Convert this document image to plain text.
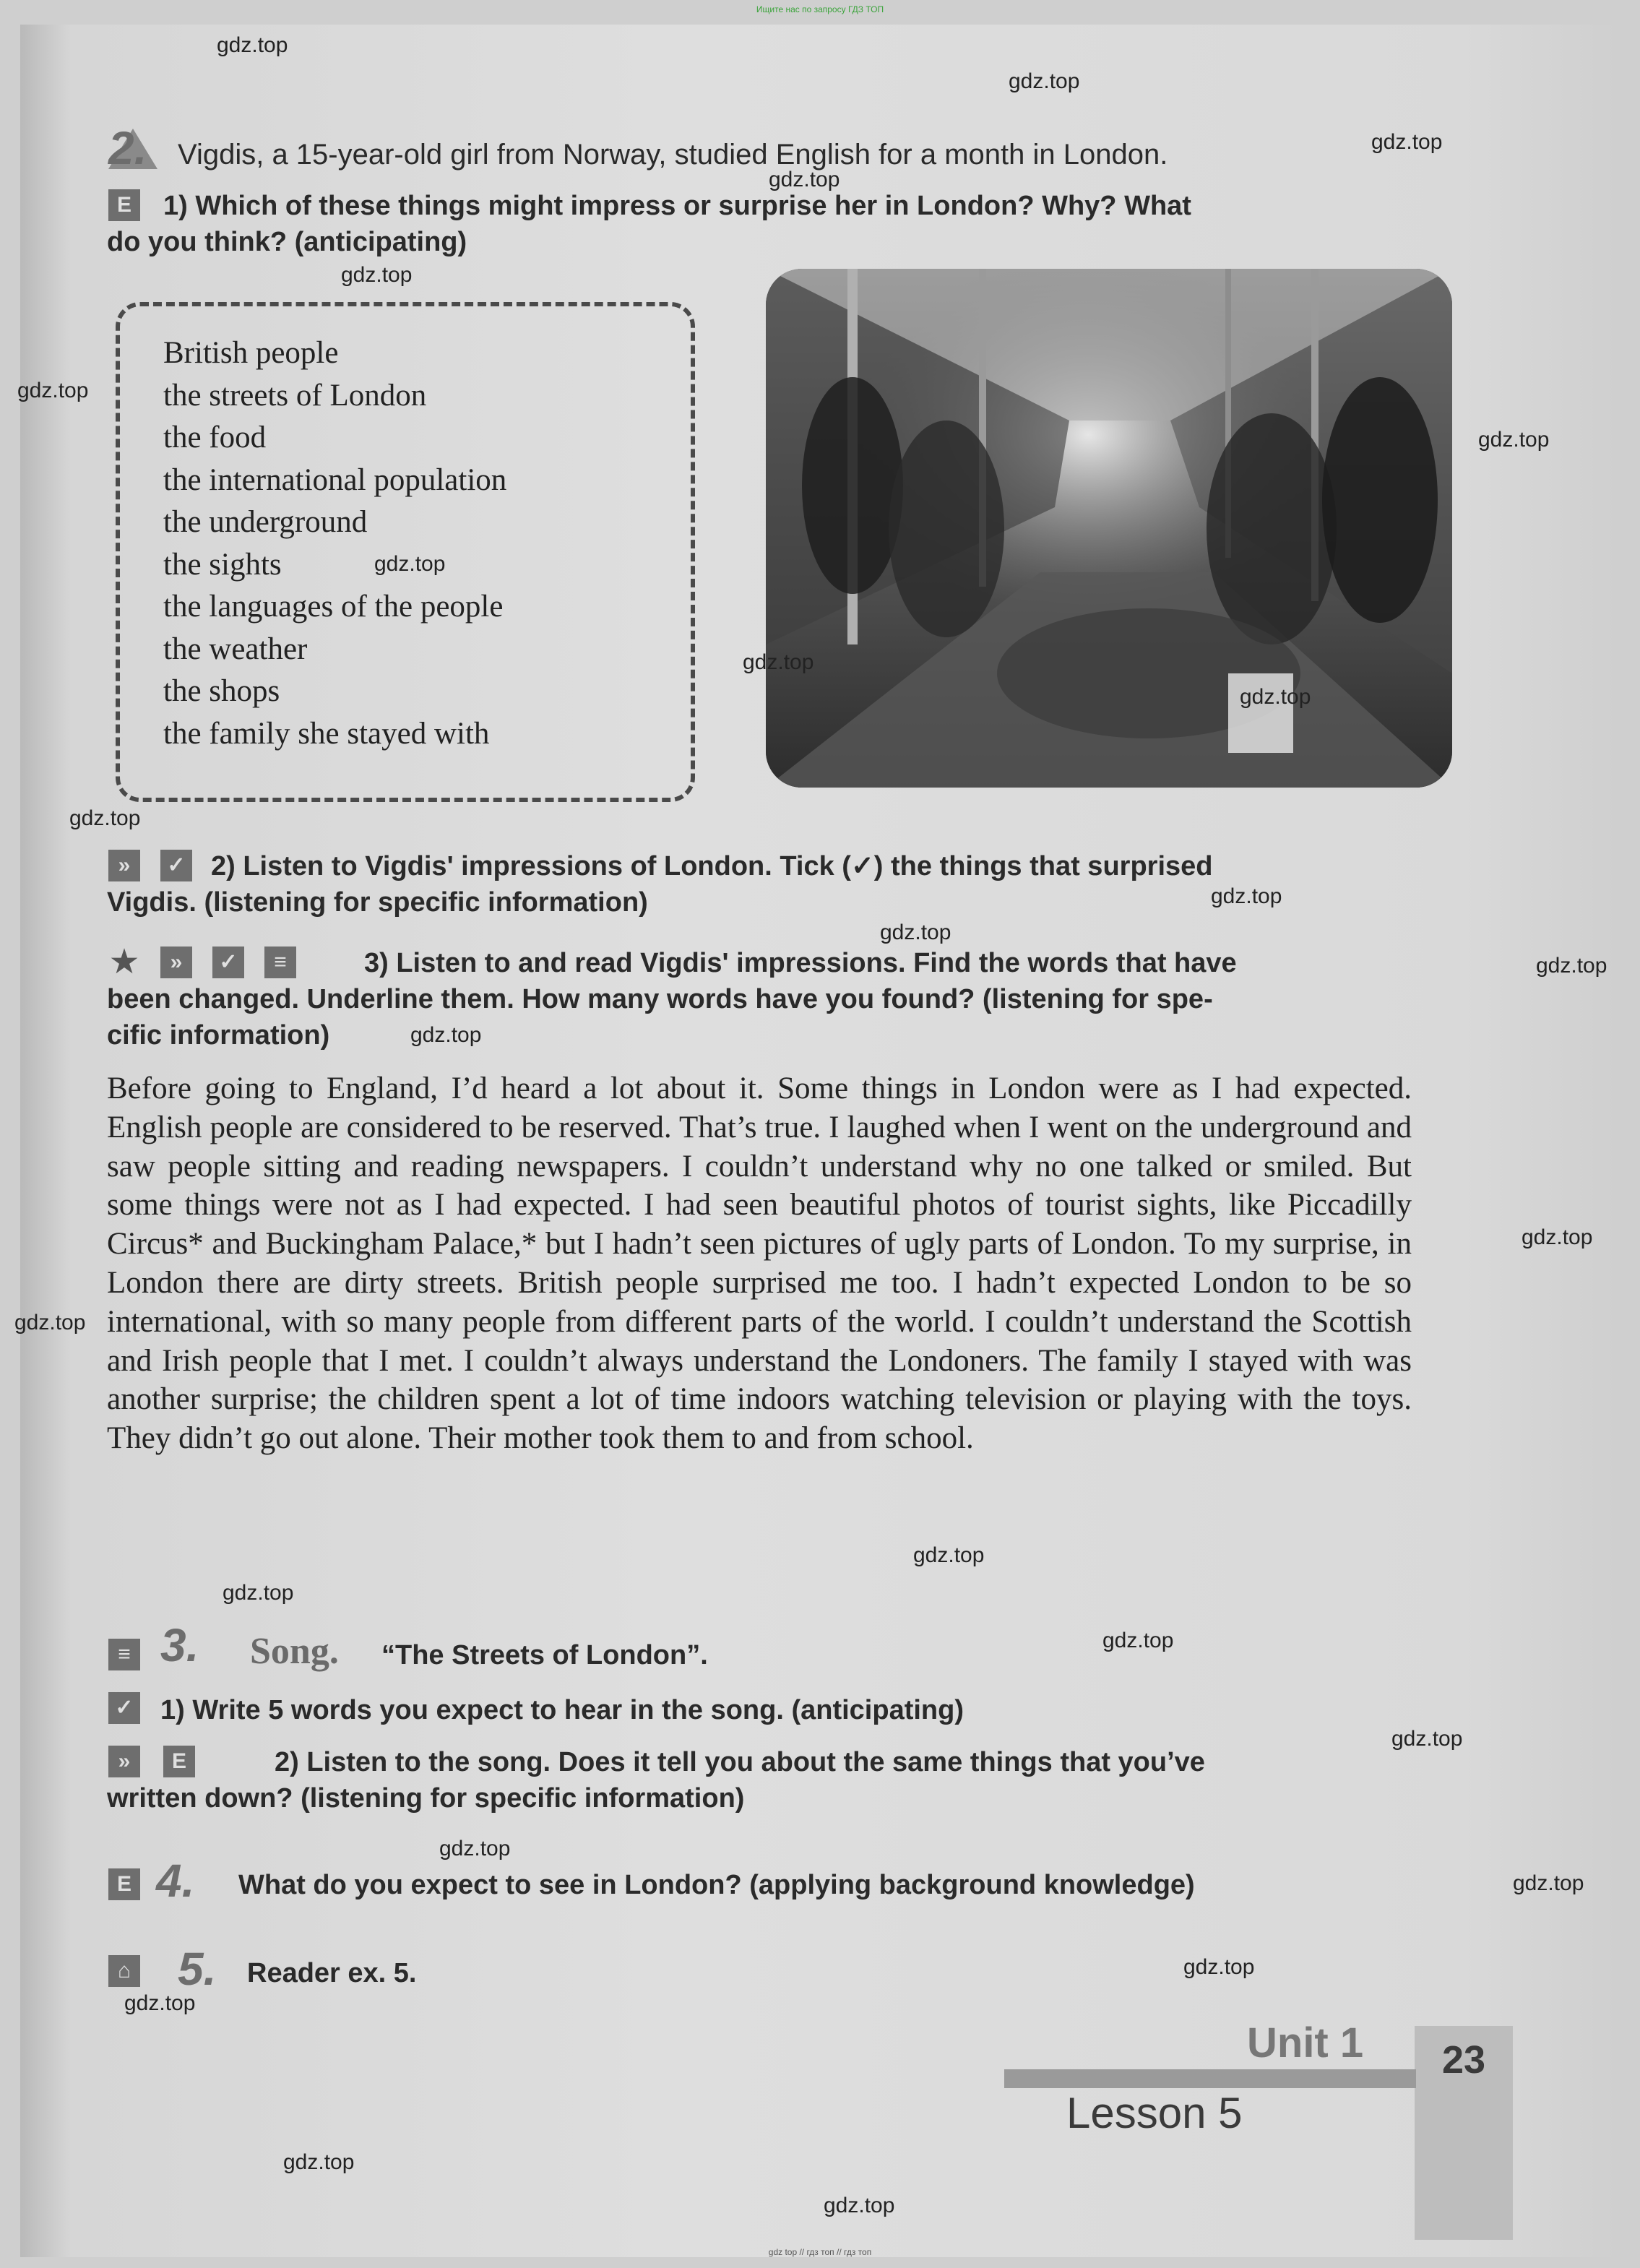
Ищите нас по запросу ГДЗ ТОП
2. Vigdis, a 15-year-old girl from Norway, studied English for a month in London.
E	1) Which of these things might impress or surprise her in London? Why? What
do you think? (anticipating)
British people
the streets of London
the food
the international population
the underground
the sights
the languages of the people
the weather
the shops
the family she stayed with
»	✓ 2) Listen to Vigdis' impressions of London. Tick (✓) the things that surprised
Vigdis. (listening for specific information)
★	»	✓	≡	3) Listen to and read Vigdis' impressions. Find the words that have
been changed. Underline them. How many words have you found? (listening for spe-
cific information)

Before going to England, I’d heard a lot about it. Some things in London were as I had expected. English people are considered to be reserved. That’s true. I laughed when I went on the underground and saw people sitting and reading newspapers. I couldn’t understand why no one talked or smiled. But some things were not as I had expected. I had seen beautiful photos of tourist sights, like Piccadilly Circus* and Buckingham Palace,* but I hadn’t seen pictures of ugly parts of London. To my surprise, in London there are dirty streets. British people surprised me too. I hadn’t expected London to be so international, with so many people from different parts of the world. I couldn’t understand the Scottish and Irish people that I met. I couldn’t always understand the Londoners. The family I stayed with was another surprise; the children spent a lot of time indoors watching television or playing with the toys. They didn’t go out alone. Their mother took them to and from school.

≡ 3. Song. “The Streets of London”.
✓ 1) Write 5 words you expect to hear in the song. (anticipating)
»	E	2) Listen to the song. Does it tell you about the same things that you’ve
written down? (listening for specific information)
E 4. What do you expect to see in London? (applying background knowledge)
⌂ 5. Reader ex. 5.
Unit 1
Lesson 5
23
gdz.top
gdz.top
gdz.top
gdz.top
gdz.top
gdz.top
gdz.top
gdz.top
gdz.top
gdz.top
gdz.top
gdz.top
gdz.top
gdz.top
gdz.top
gdz.top
gdz.top
gdz.top
gdz.top
gdz.top
gdz.top
gdz.top
gdz.top
gdz.top
gdz.top
gdz.top
gdz.top
gdz top // гдз топ // гдз топ
